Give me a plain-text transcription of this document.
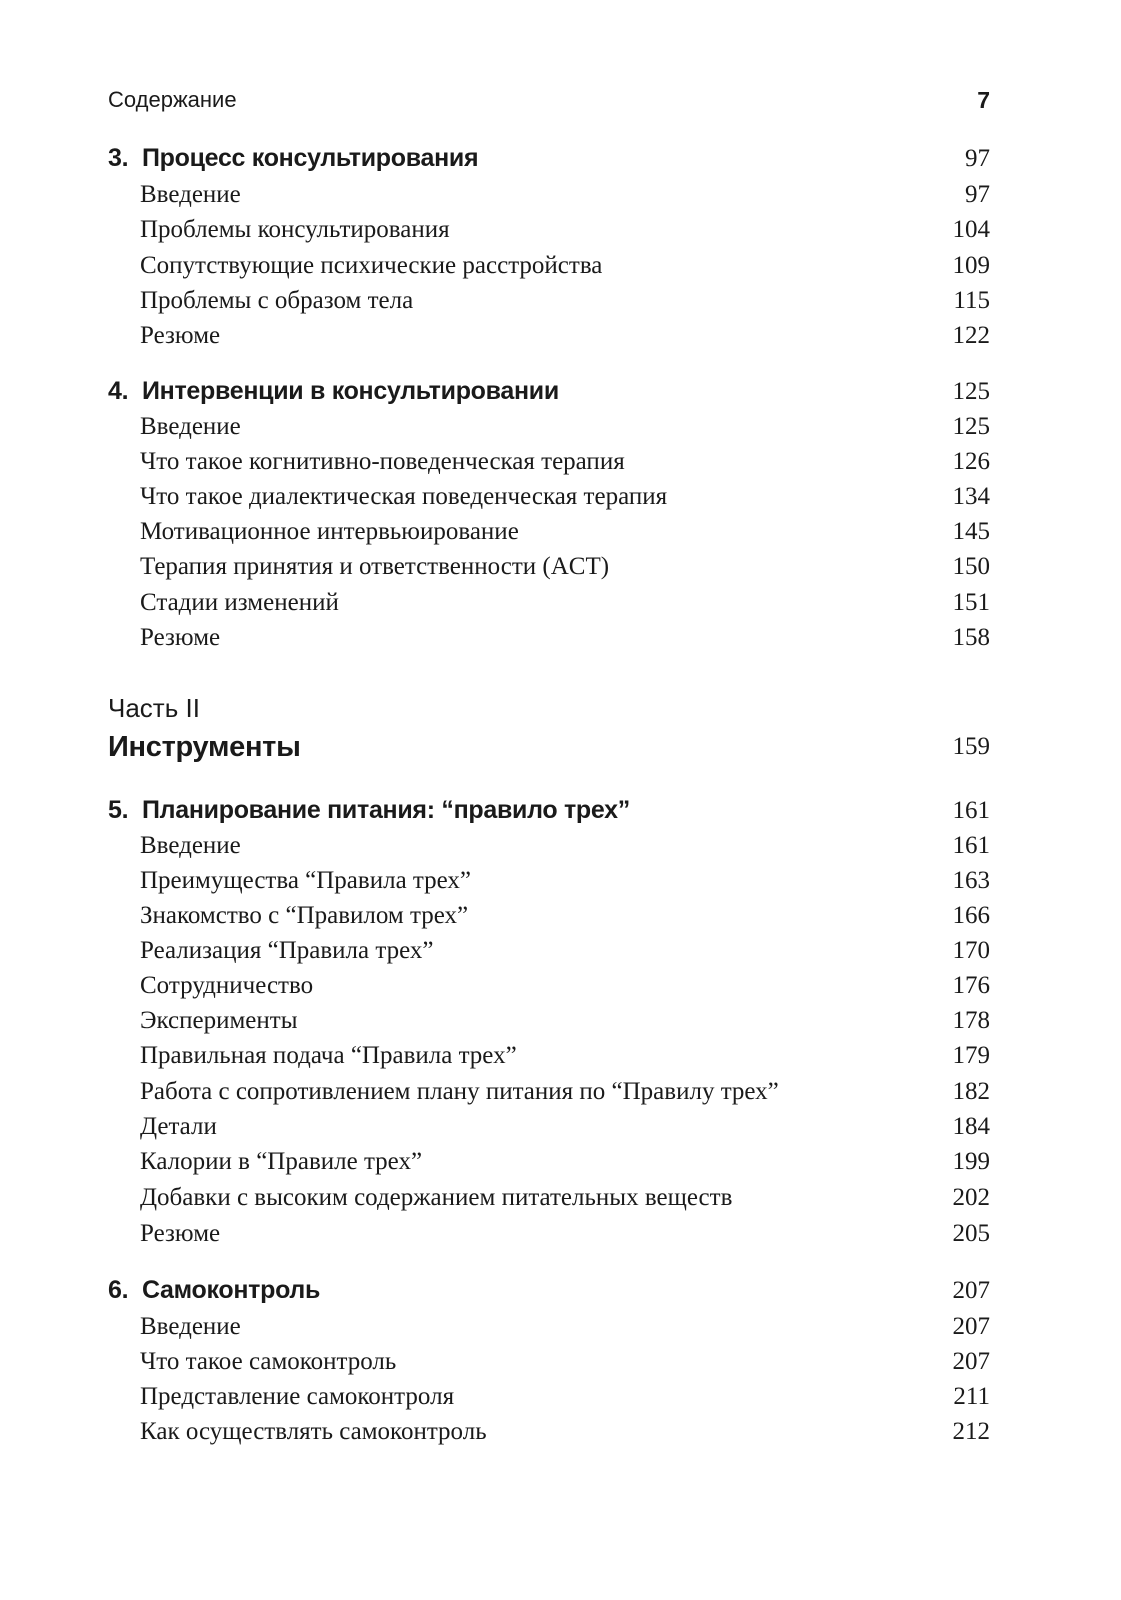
Содержание	7
3. Процесс консультирования	97
Введение	97
Проблемы консультирования	104
Сопутствующие психические расстройства	109
Проблемы с образом тела	115
Резюме	122
4. Интервенции в консультировании	125
Введение	125
Что такое когнитивно-поведенческая терапия	126
Что такое диалектическая поведенческая терапия	134
Мотивационное интервьюирование	145
Терапия принятия и ответственности (ACT)	150
Стадии изменений	151
Резюме	158
Часть II
Инструменты	159
5. Планирование питания: “правило трех”	161
Введение	161
Преимущества “Правила трех”	163
Знакомство с “Правилом трех”	166
Реализация “Правила трех”	170
Сотрудничество	176
Эксперименты	178
Правильная подача “Правила трех”	179
Работа с сопротивлением плану питания по “Правилу трех”	182
Детали	184
Калории в “Правиле трех”	199
Добавки с высоким содержанием питательных веществ	202
Резюме	205
6. Самоконтроль	207
Введение	207
Что такое самоконтроль	207
Представление самоконтроля	211
Как осуществлять самоконтроль	212
